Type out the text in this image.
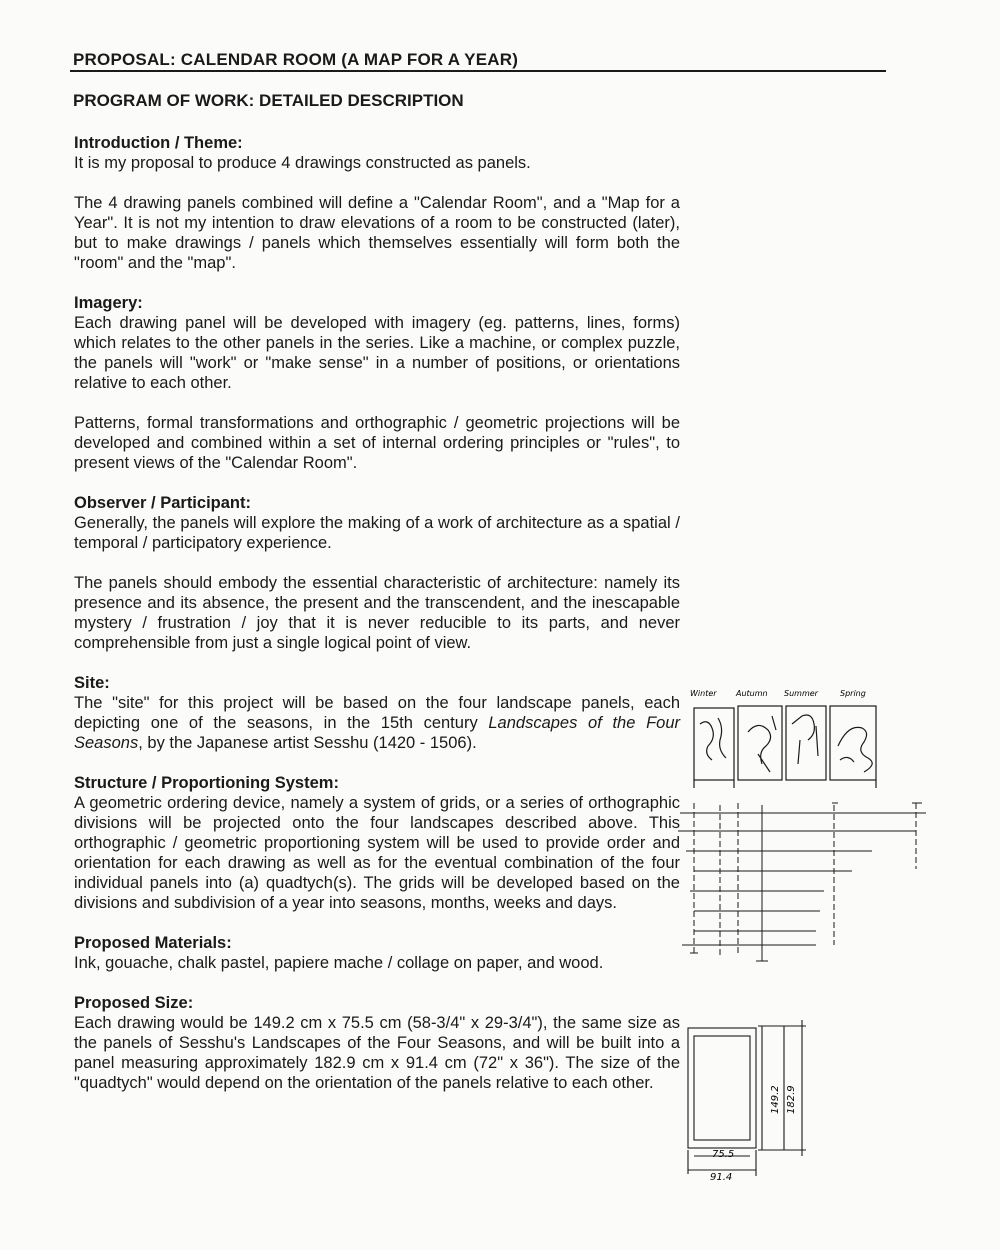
PROPOSAL: CALENDAR ROOM (A MAP FOR A YEAR)
PROGRAM OF WORK: DETAILED DESCRIPTION

Introduction / Theme:

It is my proposal to produce 4 drawings constructed as panels.

The 4 drawing panels combined will define a "Calendar Room", and a "Map for a Year". It is not my intention to draw elevations of a room to be constructed (later), but to make drawings / panels which themselves essentially will form both the "room" and the "map".

Imagery:

Each drawing panel will be developed with imagery (eg. patterns, lines, forms) which relates to the other panels in the series. Like a machine, or complex puzzle, the panels will "work" or "make sense" in a number of positions, or orientations relative to each other.

Patterns, formal transformations and orthographic / geometric projections will be developed and combined within a set of internal ordering principles or "rules", to present views of the "Calendar Room".

Observer / Participant:

Generally, the panels will explore the making of a work of architecture as a spatial / temporal / participatory experience.

The panels should embody the essential characteristic of architecture: namely its presence and its absence, the present and the transcendent, and the inescapable mystery / frustration / joy that it is never reducible to its parts, and never comprehensible from just a single logical point of view.

Site:

The "site" for this project will be based on the four landscape panels, each depicting one of the seasons, in the 15th century Landscapes of the Four Seasons, by the Japanese artist Sesshu (1420 - 1506).

Structure / Proportioning System:

A geometric ordering device, namely a system of grids, or a series of orthographic divisions will be projected onto the four landscapes described above. This orthographic / geometric proportioning system will be used to provide order and orientation for each drawing as well as for the eventual combination of the four individual panels into (a) quadtych(s). The grids will be developed based on the divisions and subdivision of a year into seasons, months, weeks and days.

Proposed Materials:

Ink, gouache, chalk pastel, papiere mache / collage on paper, and wood.

Proposed Size:

Each drawing would be 149.2 cm x 75.5 cm (58-3/4" x 29-3/4"), the same size as the panels of Sesshu's Landscapes of the Four Seasons, and will be built into a panel measuring approximately 182.9 cm x 91.4 cm (72" x 36"). The size of the "quadtych" would depend on the orientation of the panels relative to each other.

Winter Autumn Summer	Spring
75.5
91.4
149.2 182.9
